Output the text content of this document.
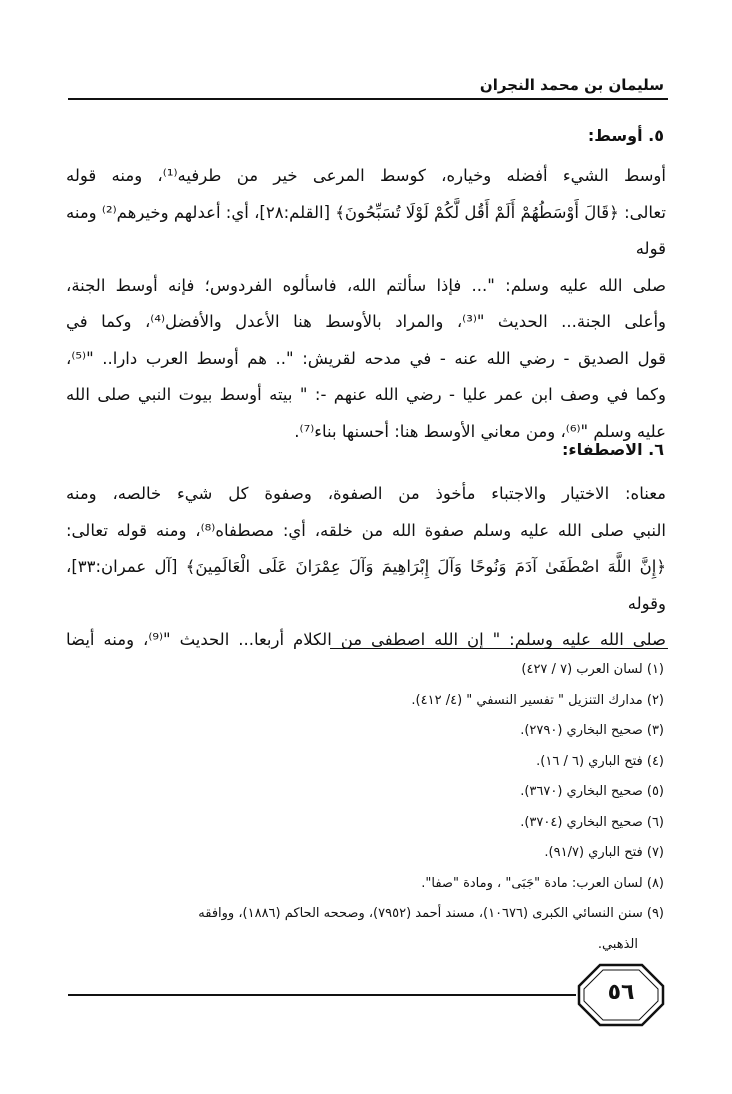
سليمان بن محمد النجران
٥. أوسط:
أوسط الشيء أفضله وخياره، كوسط المرعى خير من طرفيه⁽¹⁾، ومنه قوله
تعالى: ﴿قَالَ أَوْسَطُهُمْ أَلَمْ أَقُل لَّكُمْ لَوْلَا تُسَبِّحُونَ﴾ [القلم:٢٨]، أي: أعدلهم وخيرهم⁽²⁾ ومنه قوله
صلى الله عليه وسلم: "... فإذا سألتم الله، فاسألوه الفردوس؛ فإنه أوسط الجنة،
وأعلى الجنة... الحديث "⁽³⁾، والمراد بالأوسط هنا الأعدل والأفضل⁽⁴⁾، وكما في
قول الصديق - رضي الله عنه - في مدحه لقريش: ".. هم أوسط العرب دارا.. "⁽⁵⁾،
وكما في وصف ابن عمر عليا - رضي الله عنهم -: " بيته أوسط بيوت النبي صلى الله
عليه وسلم "⁽⁶⁾، ومن معاني الأوسط هنا: أحسنها بناء⁽⁷⁾.
٦. الاصطفاء:
معناه: الاختيار والاجتباء مأخوذ من الصفوة، وصفوة كل شيء خالصه، ومنه
النبي صلى الله عليه وسلم صفوة الله من خلقه، أي: مصطفاه⁽⁸⁾، ومنه قوله تعالى:
﴿إِنَّ اللَّهَ اصْطَفَىٰ آدَمَ وَنُوحًا وَآلَ إِبْرَاهِيمَ وَآلَ عِمْرَانَ عَلَى الْعَالَمِينَ﴾ [آل عمران:٣٣]، وقوله
صلى الله عليه وسلم: " إن الله اصطفى من الكلام أربعا... الحديث "⁽⁹⁾، ومنه أيضا
(١) لسان العرب (٧ / ٤٢٧)
(٢) مدارك التنزيل " تفسير النسفي " (٤/ ٤١٢).
(٣) صحيح البخاري (٢٧٩٠).
(٤) فتح الباري (٦ / ١٦).
(٥) صحيح البخاري (٣٦٧٠).
(٦) صحيح البخاري (٣٧٠٤).
(٧) فتح الباري (٩١/٧).
(٨) لسان العرب: مادة "جَبَى" ، ومادة "صفا".
(٩) سنن النسائي الكبرى (١٠٦٧٦)، مسند أحمد (٧٩٥٢)، وصححه الحاكم (١٨٨٦)، ووافقه
الذهبي.
٥٦
